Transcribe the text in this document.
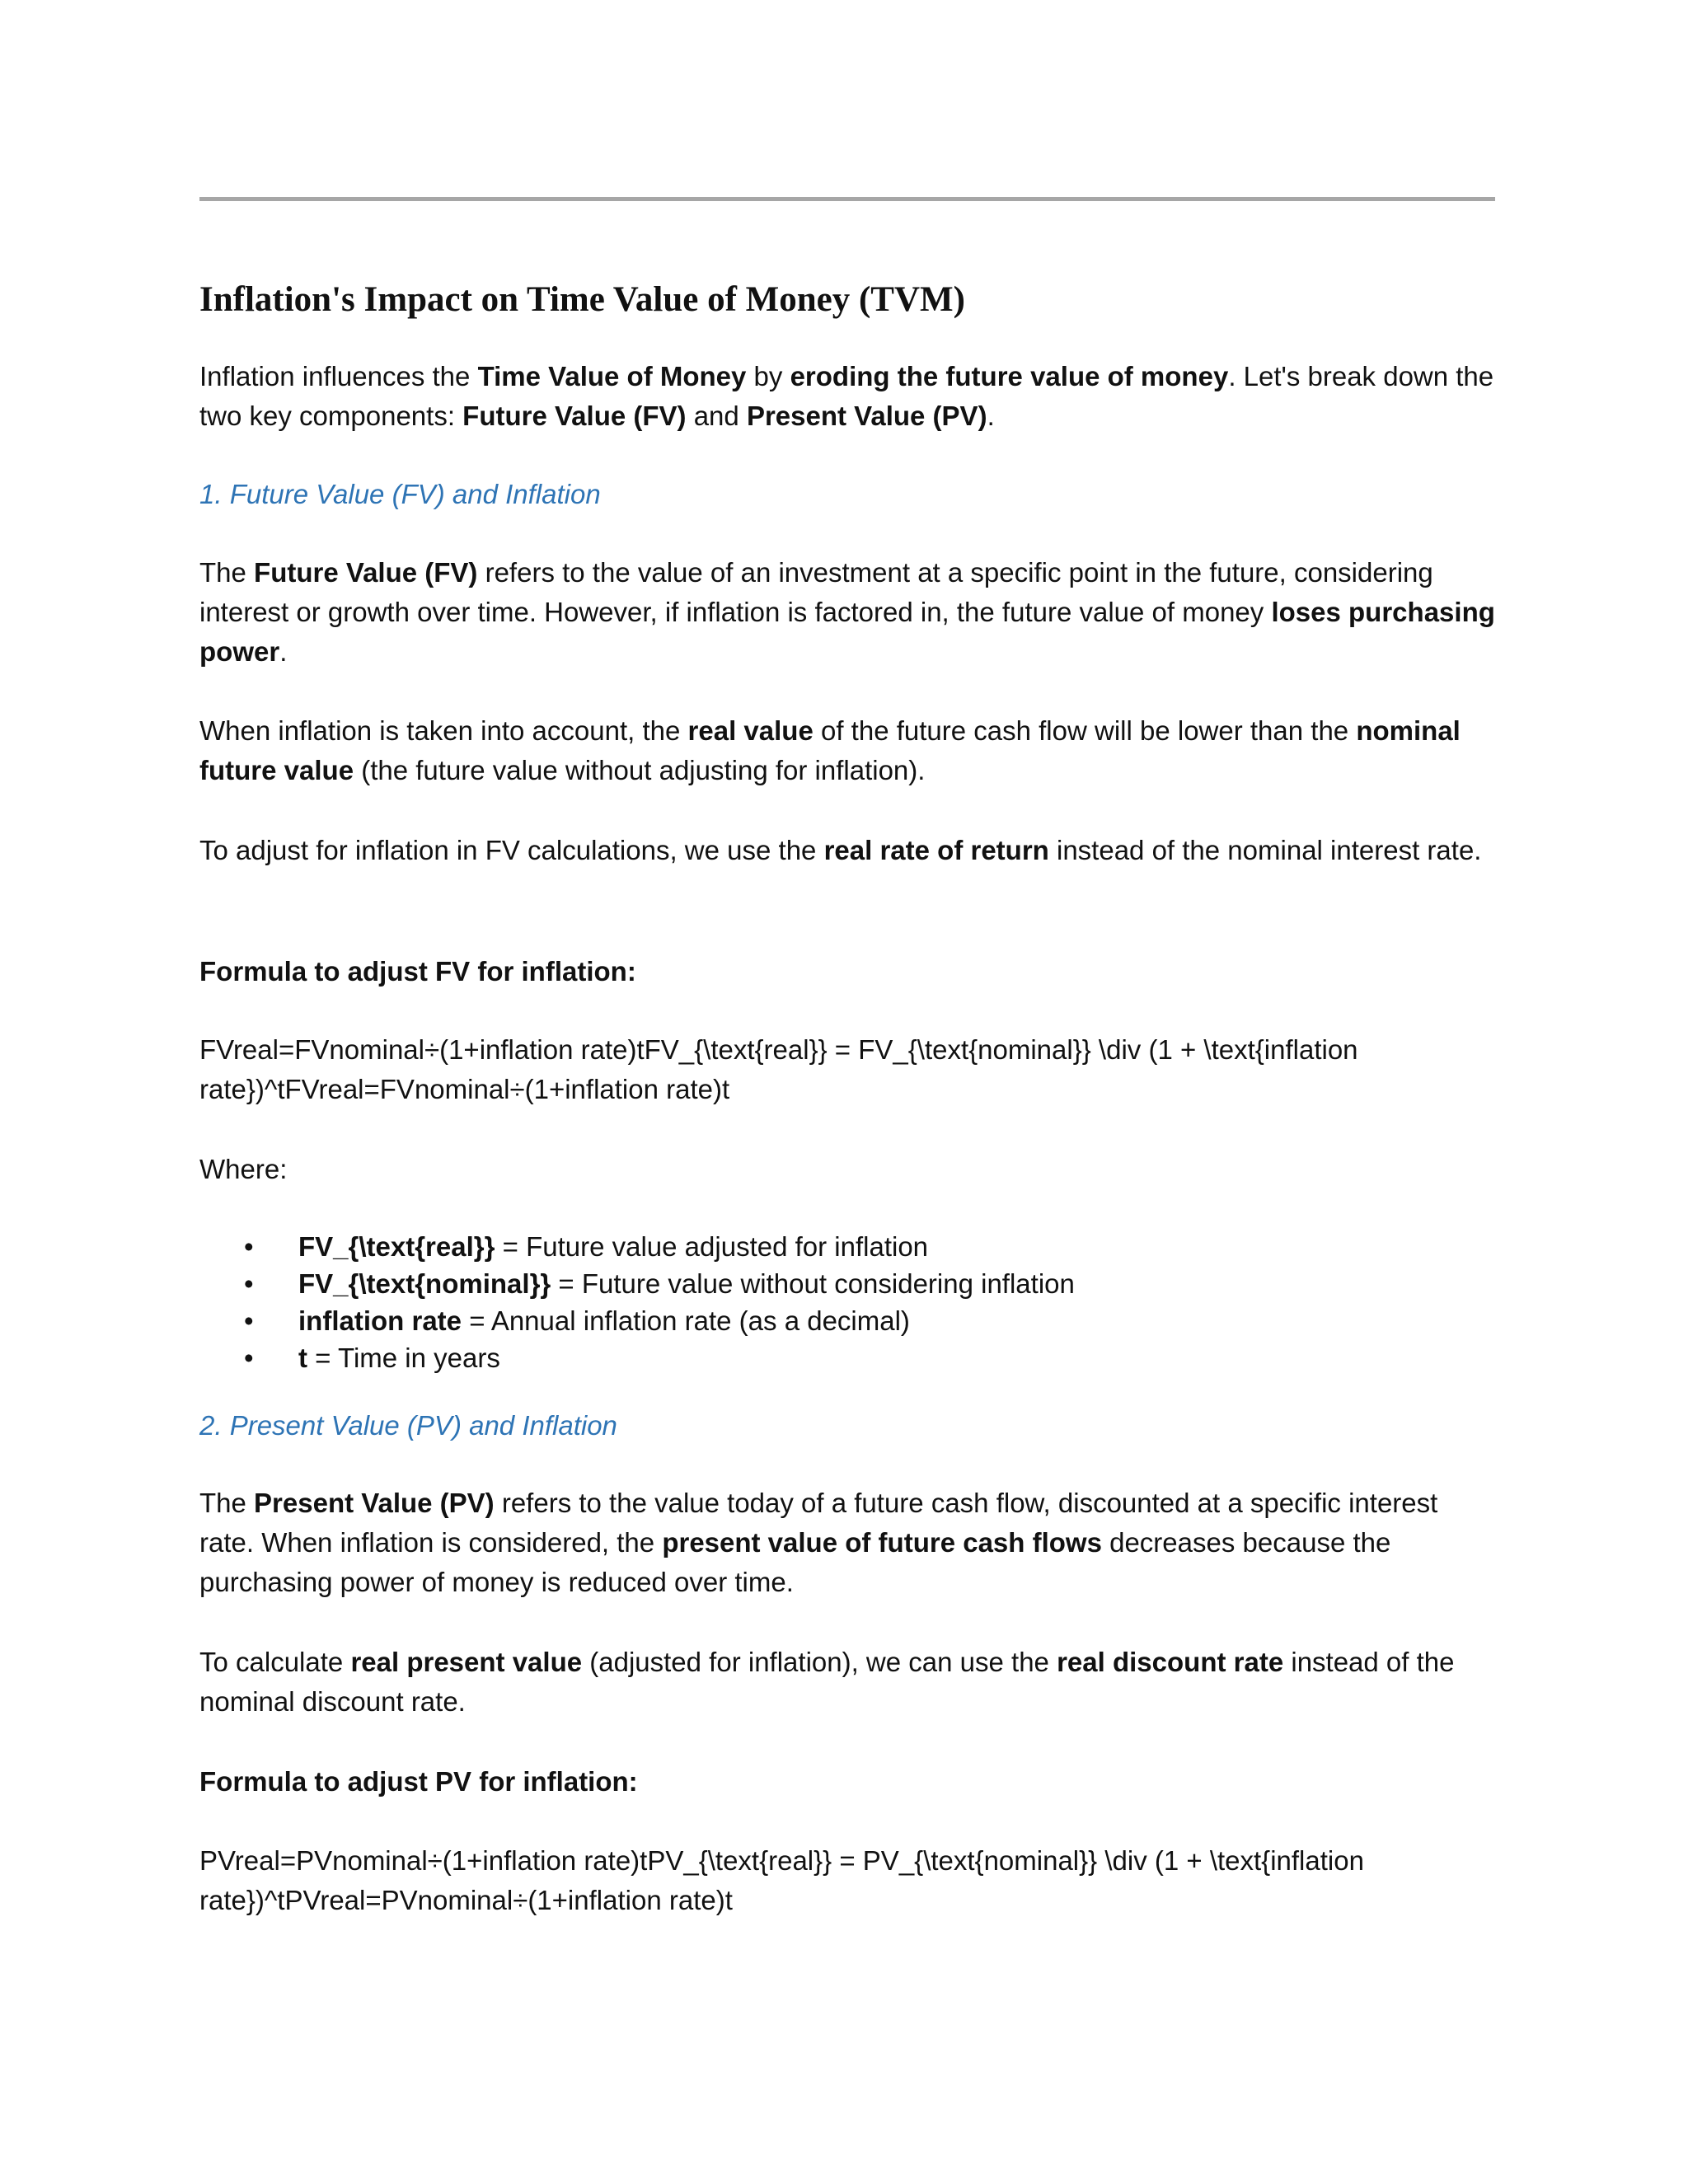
Inflation's Impact on Time Value of Money (TVM)

Inflation influences the Time Value of Money by eroding the future value of money. Let's break down the two key components: Future Value (FV) and Present Value (PV).

1. Future Value (FV) and Inflation

The Future Value (FV) refers to the value of an investment at a specific point in the future, considering interest or growth over time. However, if inflation is factored in, the future value of money loses purchasing power.

When inflation is taken into account, the real value of the future cash flow will be lower than the nominal future value (the future value without adjusting for inflation).

To adjust for inflation in FV calculations, we use the real rate of return instead of the nominal interest rate.

Formula to adjust FV for inflation:

FVreal=FVnominal÷(1+inflation rate)tFV_{\text{real}} = FV_{\text{nominal}} \div (1 + \text{inflation

rate})^tFVreal=FVnominal÷(1+inflation rate)t

Where:

• FV_{\text{real}} = Future value adjusted for inflation
• FV_{\text{nominal}} = Future value without considering inflation
• inflation rate = Annual inflation rate (as a decimal)
• t = Time in years
2. Present Value (PV) and Inflation

The Present Value (PV) refers to the value today of a future cash flow, discounted at a specific interest rate. When inflation is considered, the present value of future cash flows decreases because the purchasing power of money is reduced over time.

To calculate real present value (adjusted for inflation), we can use the real discount rate instead of the nominal discount rate.

Formula to adjust PV for inflation:

PVreal=PVnominal÷(1+inflation rate)tPV_{\text{real}} = PV_{\text{nominal}} \div (1 + \text{inflation

rate})^tPVreal=PVnominal÷(1+inflation rate)t
